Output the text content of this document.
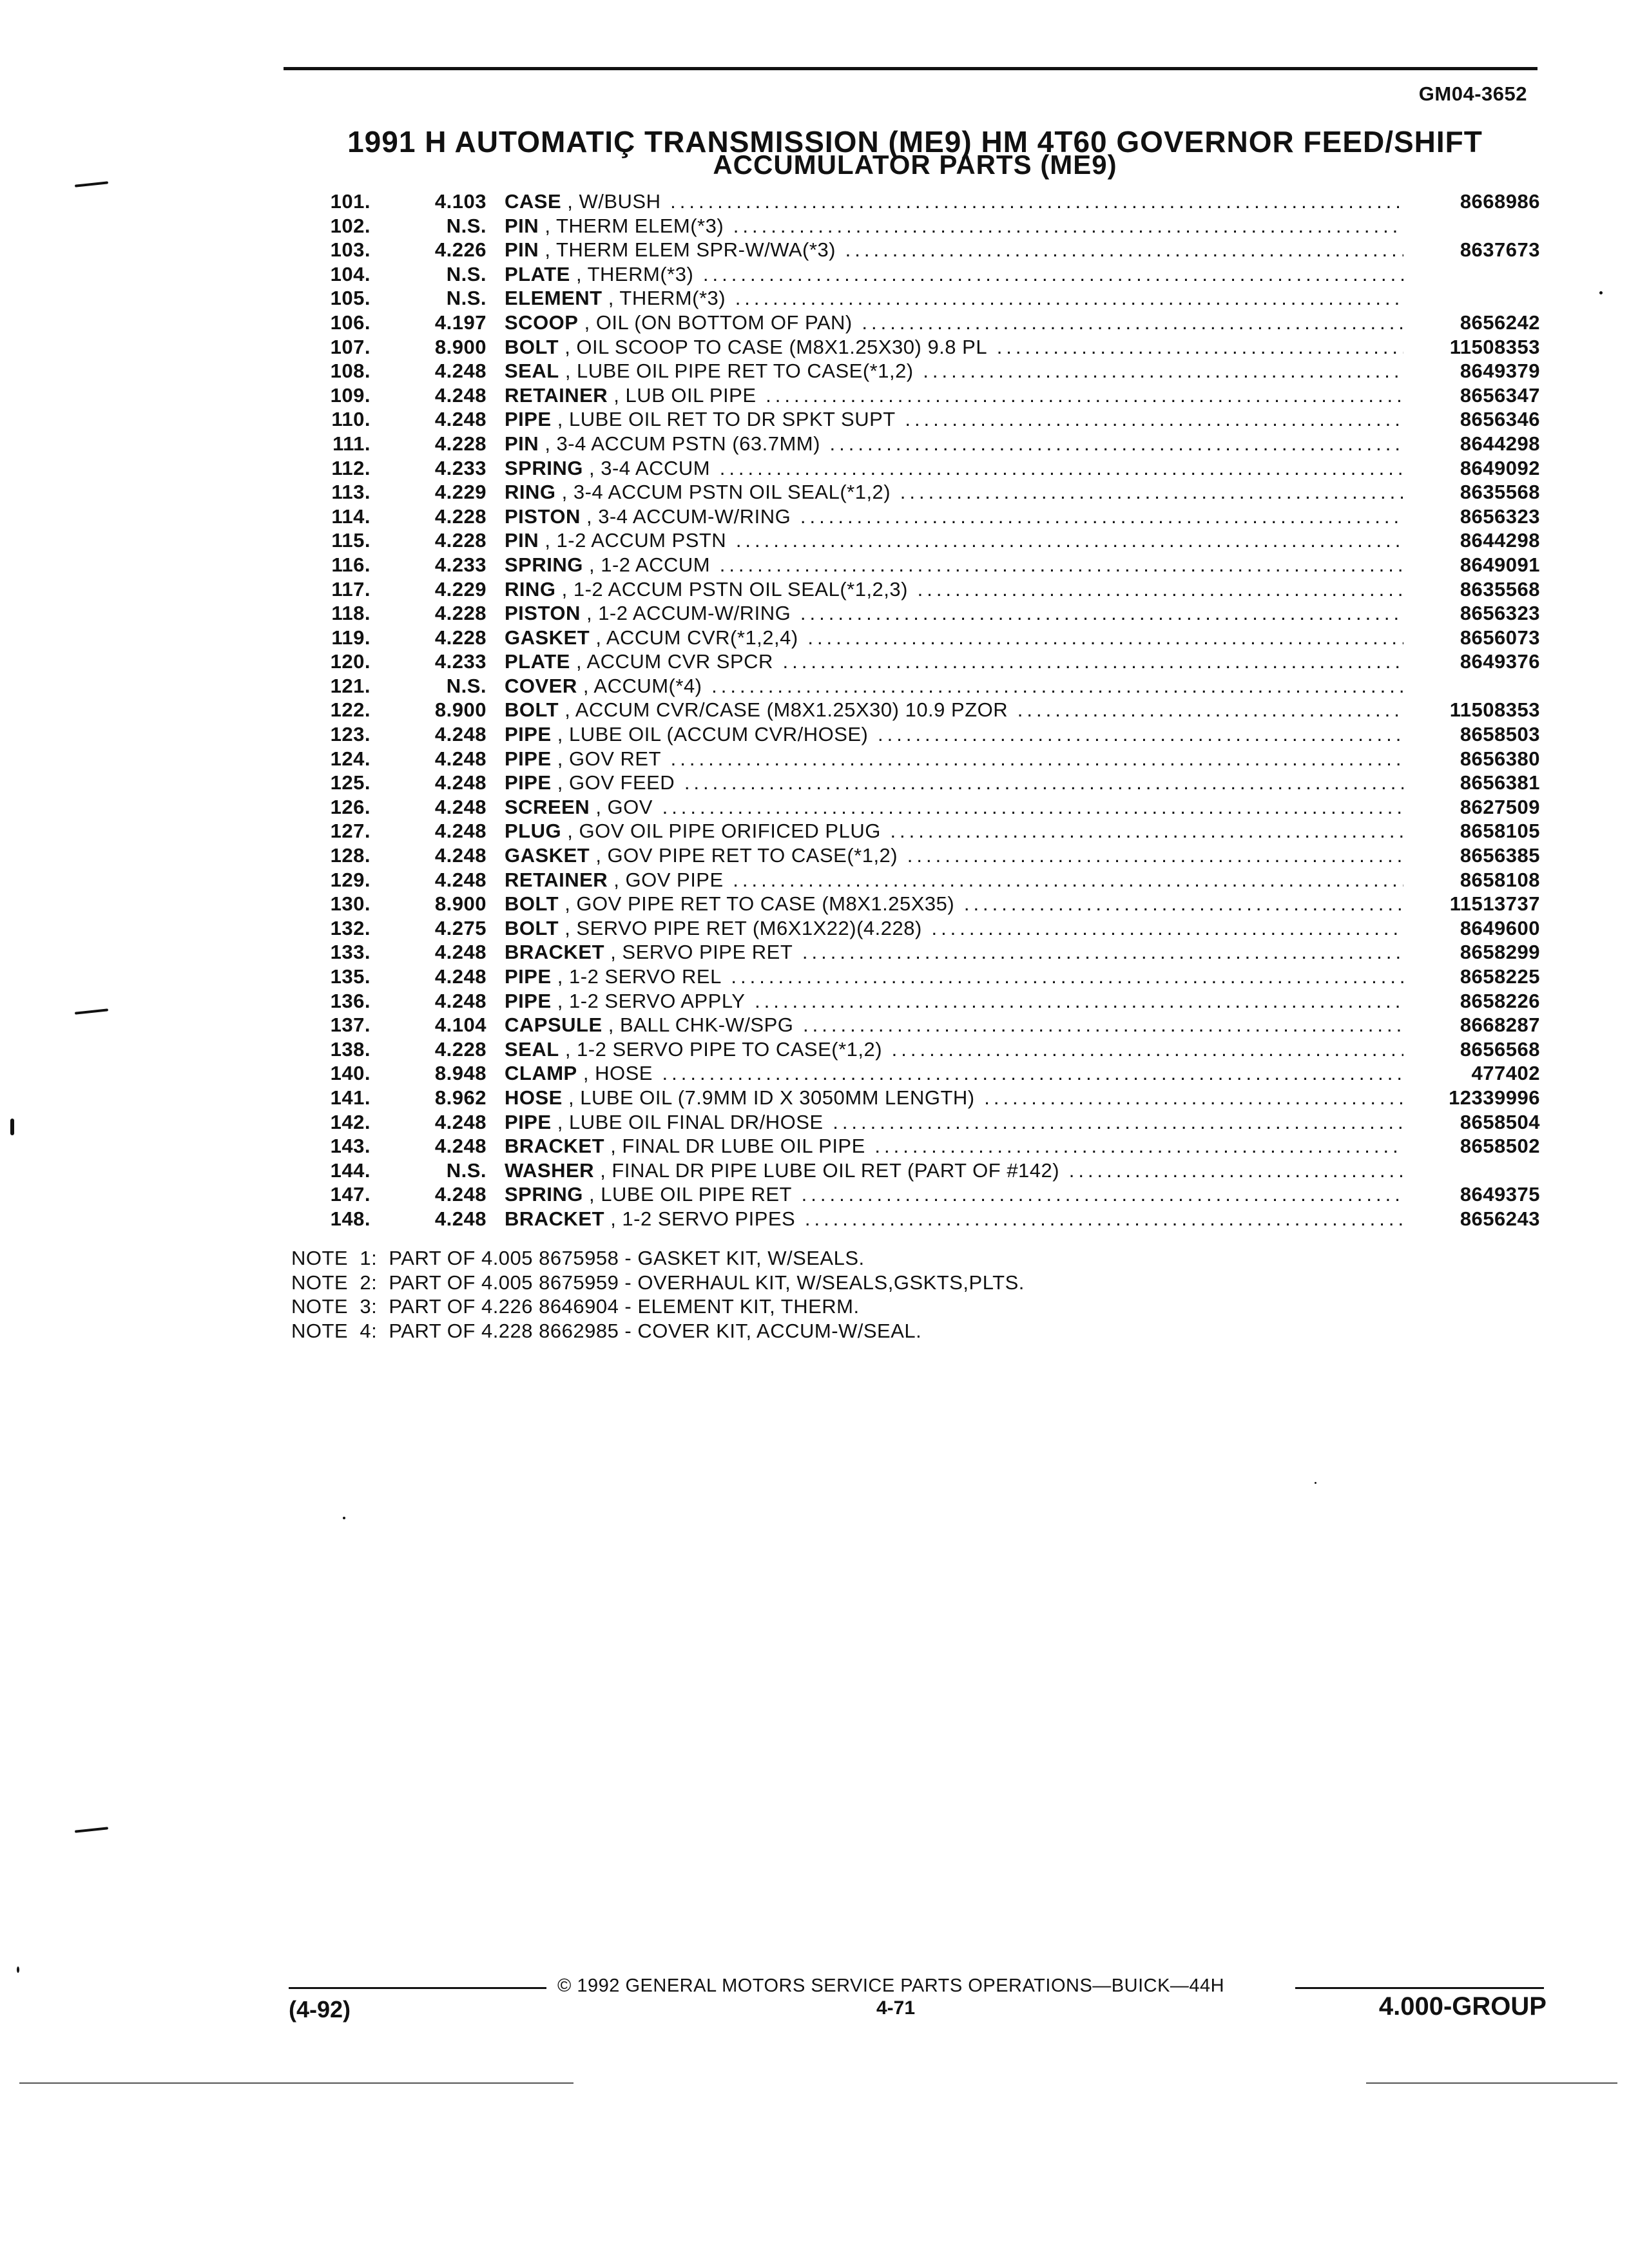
GM04-3652
1991 H AUTOMATIÇ TRANSMISSION (ME9) HM 4T60 GOVERNOR FEED/SHIFT
ACCUMULATOR PARTS (ME9)
101.	4.103 CASE , W/BUSH .....	8668986
102.	N.S. PIN , THERM ELEM(*3) .....
103.	4.226 PIN , THERM ELEM SPR-W/WA(*3) .....	8637673
104.	N.S. PLATE , THERM(*3) .....
105.	N.S. ELEMENT , THERM(*3) .....
106.	4.197 SCOOP , OIL (ON BOTTOM OF PAN) .....	8656242
107.	8.900 BOLT , OIL SCOOP TO CASE (M8X1.25X30) 9.8 PL .....	11508353
108.	4.248 SEAL , LUBE OIL PIPE RET TO CASE(*1,2) .....	8649379
109.	4.248 RETAINER , LUB OIL PIPE .....	8656347
110.	4.248 PIPE , LUBE OIL RET TO DR SPKT SUPT .....	8656346
111.	4.228 PIN , 3-4 ACCUM PSTN (63.7MM) .....	8644298
112.	4.233 SPRING , 3-4 ACCUM .....	8649092
113.	4.229 RING , 3-4 ACCUM PSTN OIL SEAL(*1,2) .....	8635568
114.	4.228 PISTON , 3-4 ACCUM-W/RING .....	8656323
115.	4.228 PIN , 1-2 ACCUM PSTN .....	8644298
116.	4.233 SPRING , 1-2 ACCUM .....	8649091
117.	4.229 RING , 1-2 ACCUM PSTN OIL SEAL(*1,2,3) .....	8635568
118.	4.228 PISTON , 1-2 ACCUM-W/RING .....	8656323
119.	4.228 GASKET , ACCUM CVR(*1,2,4) .....	8656073
120.	4.233 PLATE , ACCUM CVR SPCR .....	8649376
121.	N.S. COVER , ACCUM(*4) .....
122.	8.900 BOLT , ACCUM CVR/CASE (M8X1.25X30) 10.9 PZOR .....	11508353
123.	4.248 PIPE , LUBE OIL (ACCUM CVR/HOSE) .....	8658503
124.	4.248 PIPE , GOV RET .....	8656380
125.	4.248 PIPE , GOV FEED .....	8656381
126.	4.248 SCREEN , GOV .....	8627509
127.	4.248 PLUG , GOV OIL PIPE ORIFICED PLUG .....	8658105
128.	4.248 GASKET , GOV PIPE RET TO CASE(*1,2) .....	8656385
129.	4.248 RETAINER , GOV PIPE .....	8658108
130.	8.900 BOLT , GOV PIPE RET TO CASE (M8X1.25X35) .....	11513737
132.	4.275 BOLT , SERVO PIPE RET (M6X1X22)(4.228) .....	8649600
133.	4.248 BRACKET , SERVO PIPE RET .....	8658299
135.	4.248 PIPE , 1-2 SERVO REL .....	8658225
136.	4.248 PIPE , 1-2 SERVO APPLY .....	8658226
137.	4.104 CAPSULE , BALL CHK-W/SPG .....	8668287
138.	4.228 SEAL , 1-2 SERVO PIPE TO CASE(*1,2) .....	8656568
140.	8.948 CLAMP , HOSE .....	477402
141.	8.962 HOSE , LUBE OIL (7.9MM ID X 3050MM LENGTH) .....	12339996
142.	4.248 PIPE , LUBE OIL FINAL DR/HOSE .....	8658504
143.	4.248 BRACKET , FINAL DR LUBE OIL PIPE .....	8658502
144.	N.S. WASHER , FINAL DR PIPE LUBE OIL RET (PART OF #142) .....
147.	4.248 SPRING , LUBE OIL PIPE RET .....	8649375
148.	4.248 BRACKET , 1-2 SERVO PIPES .....	8656243
NOTE  1:  PART OF 4.005 8675958 - GASKET KIT, W/SEALS.
NOTE  2:  PART OF 4.005 8675959 - OVERHAUL KIT, W/SEALS,GSKTS,PLTS.
NOTE  3:  PART OF 4.226 8646904 - ELEMENT KIT, THERM.
NOTE  4:  PART OF 4.228 8662985 - COVER KIT, ACCUM-W/SEAL.
© 1992 GENERAL MOTORS SERVICE PARTS OPERATIONS—BUICK—44H
(4-92)	4-71	4.000-GROUP
